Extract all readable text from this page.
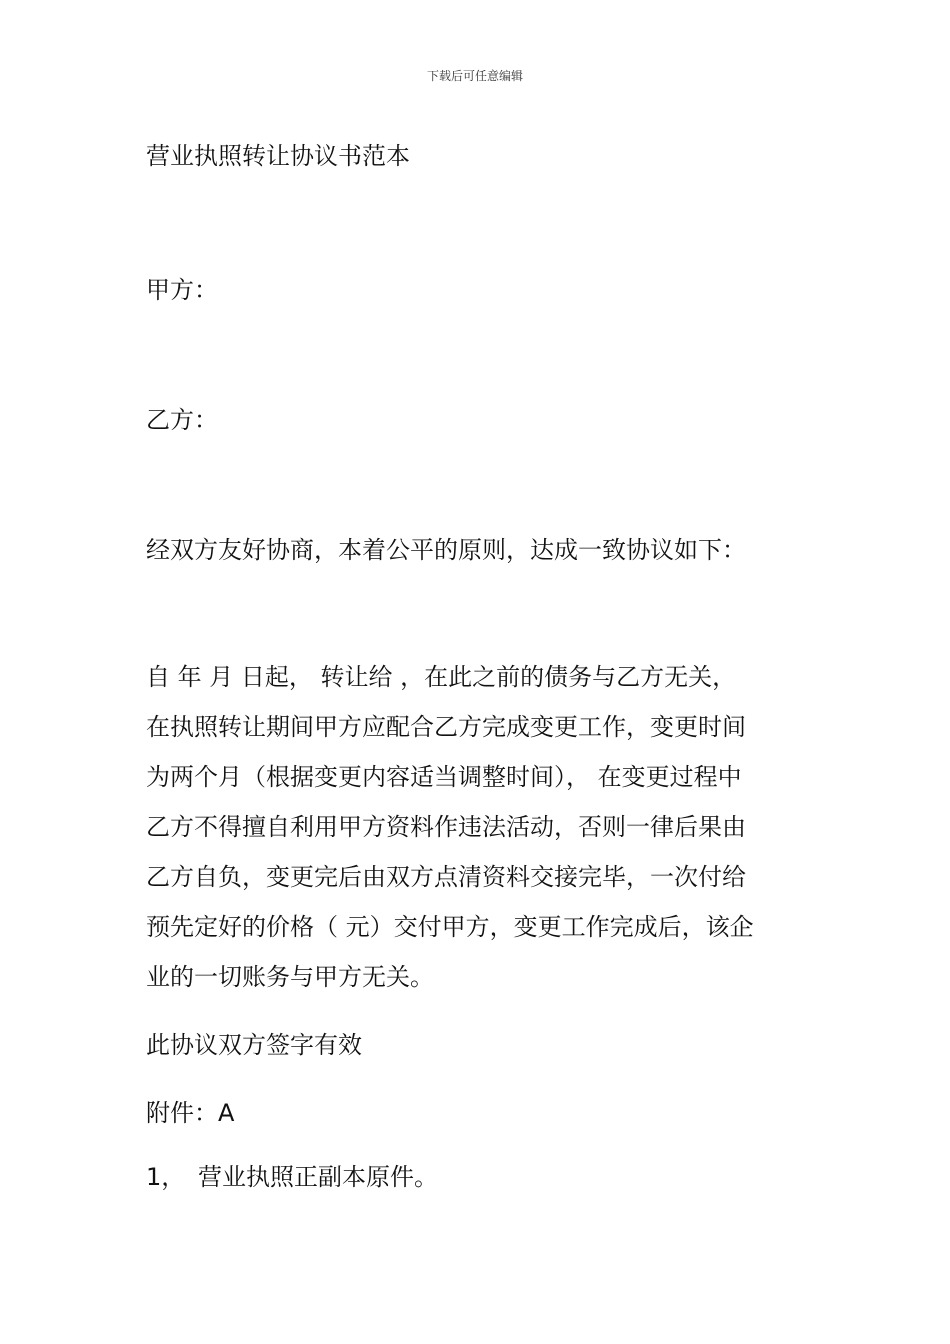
下载后可任意编辑
营业执照转让协议书范本
甲方：
乙方：
经双方友好协商，本着公平的原则，达成一致协议如下：
自 年 月 日起， 转让给 ，在此之前的债务与乙方无关，
在执照转让期间甲方应配合乙方完成变更工作，变更时间
为两个月（根据变更内容适当调整时间）， 在变更过程中
乙方不得擅自利用甲方资料作违法活动，否则一律后果由
乙方自负，变更完后由双方点清资料交接完毕，一次付给
预先定好的价格（ 元）交付甲方，变更工作完成后，该企
业的一切账务与甲方无关。
此协议双方签字有效
附件：A
1， 营业执照正副本原件。
